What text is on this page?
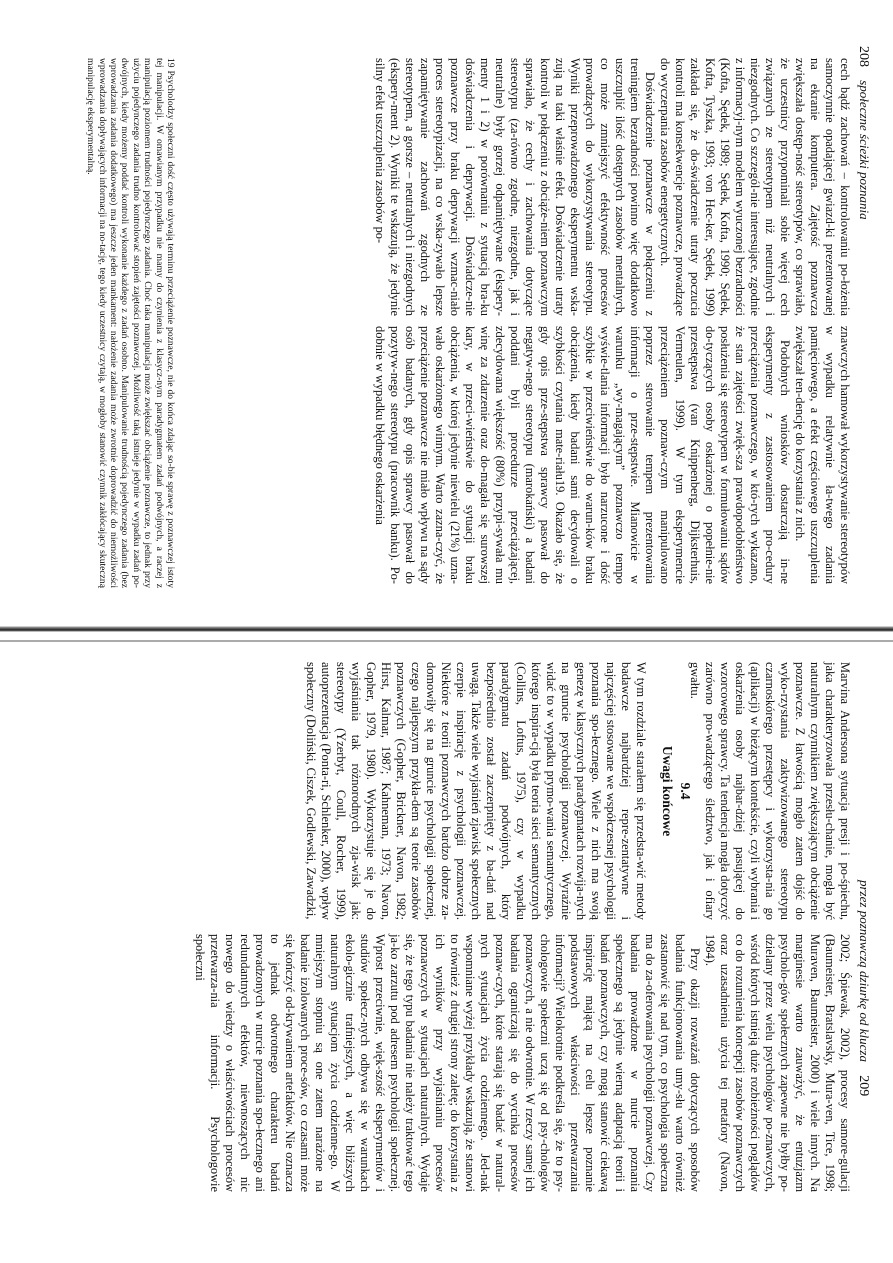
208 społeczne ścieżki poznania
19 Psycholodzy społeczni dość często używają terminu przeciążenie poznawcze, nie do końca zdając so-bie sprawę z poznawczej istoty tej manipulacji. W omawianym przypadku nie mamy do czynienia z klasycz-nym paradygmatem zadań podwójnych, a raczej z manipulacją poziomem trudności pojedynczego zadania. Choć taka manipulacja może zwiększać obciążenie poznawcze, to jednak przy użyciu pojedynczego zadania trudno kontrolować stopień zajętości poznawczej. Możliwość taką istnieje jedynie w wypadku zadań po-dwójnych, kiedy możemy poddać kontroli wykonanie każdego z zadań osobno. Manipulowanie trudnością pojedynczego zadania (bez wprowadzania zadania dodatkowego) ma jeszcze jeden mankament: nałożenie zadania może zwrotnie doprowadzić do niemożliwości wprowadzania dopływających informacji na no-tację, tego kiedy uczestnicy czytają, w mogłoby stanowić czynnik zakłócający skuteczną manipulację eksperymentalną.
przez poznawczą dziurkę od klucza 209
9.4
Uwagi końcowe

cech bądź zachowań – kontrolowaniu po-łożenia samoczynnie opadającej gwiazd-ki prezentowanej na ekranie komputera. Zajętość poznawcza zwiększała dostęp-ność stereotypów, co sprawiało, że uczestnicy przypominali sobie więcej cech związanych ze stereotypem niż neutralnych i niezgodnych. Co szczegól-nie interesujące, zgodnie z informacyj-nym modelem wyuczonej bezradności (Kofta, Sędek, 1989; Sędek, Kofta, 1990; Sędek, Kofta, Tyszka, 1993; von Hec-ker, Sędek, 1999) zakłada się, że do-świadczenie utraty poczucia kontroli ma konsekwencje poznawcze, prowadzące do wyczerpania zasobów energetycznych.

Doświadczenie poznawcze w połączeniu z treningiem bezradności powinno więc dodatkowo uszczuplić ilość dostępnych zasobów mentalnych, co może zmniejszyć efektywność procesów prowadzących do wykorzystywania stereotypu. Wyniki przeprowadzonego eksperymentu wska-zują na taki właśnie efekt. Doświadczenie utraty kontroli w połączeniu z obciąże-niem poznawczym sprawiało, że cechy i zachowania dotyczące stereotypu (za-równo zgodne, niezgodne, jak i neutralne) były gorzej odpamiętywane (ekspery-menty 1 i 2) w porównaniu z sytuacją bra-ku doświadczenia i deprywacji. Doświadcze-nie poznawcze przy braku deprywacji wzmac-niało proces stereotypizacji, na co wska-zywało lepsze zapamiętywanie zachowań zgodnych ze stereotypem, a gorsze – neutralnych i niezgodnych (ekspery-ment 2). Wyniki te wskazują, że jedynie silny efekt uszczuplenia zasobów po-

znawczych hamował wykorzystywanie stereotypów w wypadku relatywnie ła-twego zadania pamięciowego, a efekt częściowego uszczuplenia zwiększał ten-dencję do korzystania z nich.

Podobnych wniosków dostarczają in-ne eksperymenty z zastosowaniem pro-cedury przeciążenia poznawczego, w któ-rych wykazano, że stan zajętości zwięk-sza prawdopodobieństwo posłużenia się stereotypem w formułowaniu sądów do-tyczących osoby oskarżonej o popełnie-nie przestępstwa (van Knippenberg, Dijksterhuis, Vermeulen, 1999). W tym eksperymencie przeciążeniem poznaw-czym manipulowano poprzez sterowanie tempem prezentowania informacji o prze-stępstwie. Mianowicie w warunku „wy-magającym” poznawczo tempo wyświe-tlania informacji było narzucone i dość szybkie w przeciwieństwie do warun-ków braku obciążenia, kiedy badani sami decydowali o szybkości czytania mate-riału19. Okazało się, że gdy opis prze-stępstwa sprawcy pasował do negatyw-nego stereotypu (marokański) a badani poddani byli procedurze przeciążającej, zdecydowana większość (80%) przypi-sywała mu winę za zdarzenie oraz do-magała się surowszej kary, w przeci-wieństwie do sytuacji braku obciążenia, w której jedynie niewielu (21%) uzna-wało oskarżonego winnym. Warto zazna-czyć, że przeciążenie poznawcze nie miało wpływu na sądy osób badanych, gdy opis sprawcy pasował do pozytyw-nego stereotypu (pracownik banku). Po-dobnie w wypadku błędnego oskarżenia

Marvina Andersona sytuacja presji i po-śpiechu, jaka charakteryzowała przesłu-chanie, mogła być naturalnym czynnikiem zwiększającym obciążenie poznawcze. Z łatwością mogło zatem dojść do wyko-rzystania zaktywizowanego stereotypu czarnoskórego przestępcy i wykorzysta-nia go (aplikacji) w bieżącym kontekście, czyli wybrania i oskarżenia osoby najbar-dziej pasującej do wzorcowego sprawcy. Ta tendencja mogła dotyczyć zarówno pro-wadzącego śledztwo, jak i ofiary gwałtu.

W tym rozdziale starałem się przedsta-wić metody badawcze najbardziej repre-zentatywne i najczęściej stosowane we współczesnej psychologii poznania spo-łecznego. Wiele z nich ma swoją genezę w klasycznych paradygmatach rozwija-nych na gruncie psychologii poznawczej. Wyraźnie widać to w wypadku prymo-wania semantycznego, którego inspira-cją była teoria sieci semantycznych (Collins, Loftus, 1975), czy w wypadku paradygmatu zadań podwójnych, który bezpośrednio został zaczerpnięty z ba-dań nad uwagą. Także wiele wyjaśnień zjawisk społecznych czerpie inspirację z psychologii poznawczej. Niektóre z teorii poznawczych bardzo dobrze za-domowiły się na gruncie psychologii społecznej, czego najlepszym przykła-dem są teorie zasobów poznawczych (Gopher, Brickner, Navon, 1982; Hirst, Kalmar, 1987; Kahneman, 1973; Navon, Gopher, 1979, 1980). Wykorzystuje się je do wyjaśniania tak różnorodnych zja-wisk jak: stereotypy (Yzerbyt, Coull, Rocher, 1999), autoprezentacja (Ponta-ri, Schlenker, 2000), wpływ społeczny (Doliński, Ciszek, Godlewski, Zawadzki,

2002; Śpiewak, 2002), procesy samore-gulacji (Baumeister, Bratslavsky, Mura-ven, Tice, 1998; Muraven, Baumeister, 2000) i wiele innych. Na marginesie warto zauważyć, że entuzjazm psycholo-gów społecznych zapewne nie byłby po-dzielany przez wielu psychologów po-znawczych, wśród których istnieją duże rozbieżności poglądów co do rozumienia koncepcji zasobów poznawczych oraz uzasadnienia użycia tej metafory (Navon, 1984).

Przy okazji rozważań dotyczących sposobów badania funkcjonowania umy-słu warto również zastanowić się nad tym, co psychologia społeczna ma do za-oferowania psychologii poznawczej. Czy badania prowadzone w nurcie poznania społecznego są jedynie wierną adaptacją teorii i badań poznawczych, czy mogą stanowić ciekawą inspirację mającą na celu lepsze poznanie podstawowych właściwości przetwarzania informacji? Wielokrotnie podkreśla się, że to psy-chologowie społeczni uczą się od psy-chologów poznawczych, a nie odwrotnie. W rzeczy samej ich badania ograniczają się do wycinka procesów poznaw-czych, które starają się badać w natural-nych sytuacjach życia codziennego. Jed-nak wspomniane wyżej przykłady wskazują, że stanowi to również z drugiej strony zaletę; do korzystania z ich wyników przy wyjaśnianiu procesów poznawczych w sytuacjach naturalnych. Wydaje się, że tego typu badania nie należy traktować tego ja-ko zarzutu pod adresem psychologii społecznej. Wprost przeciwnie, więk-szość eksperymentów i studiów społecz-nych odbywa się w warunkach ekolo-gicznie trafniejszych, a więc bliższych naturalnym sytuacjom życia codzienne-go. W mniejszym stopniu są one zatem narażone na badanie izolowanych proce-sów, co czasami może się kończyć od-krywaniem artefaktów. Nie oznacza to jednak odwrotnego charakteru badań prowadzonych w nurcie poznania spo-łecznego ani redundantnych efektów, niewnoszących nic nowego do wiedzy o właściwościach procesów przetwarza-nia informacji. Psychologowie społeczni
